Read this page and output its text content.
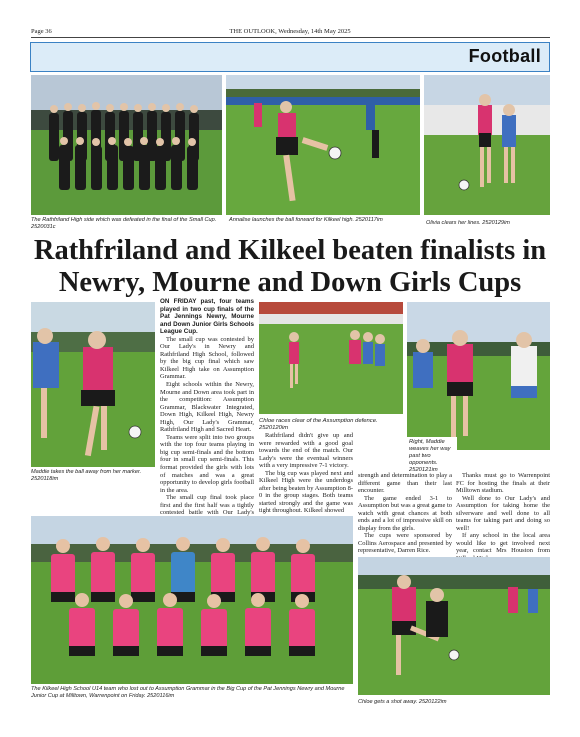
Page 36	THE OUTLOOK, Wednesday, 14th May 2025
Football
The Rathfriland High side which was defeated in the final of the Small Cup. 2520031c
Annalise launches the ball forward for Kilkeel high. 2520117im	Olivia clears her lines. 2520129im
Rathfriland and Kilkeel beaten finalists in Newry, Mourne and Down Girls Cups
Maddie takes the ball away from her marker. 2520118im
Chloe races clear of the Assumption defence. 2520120im
Right, Maddie weaves her way past two opponents. 2520121im

ON FRIDAY past, four teams played in two cup finals of the Pat Jennings Newry, Mourne and Down Junior Girls Schools League Cup.

The small cup was contested by Our Lady's in Newry and Rathfriland High School, followed by the big cup final which saw Kilkeel High take on Assumption Grammar.

Eight schools within the Newry, Mourne and Down area took part in the competition: Assumption Grammar, Blackwater Integrated, Down High, Kilkeel High, Newry High, Our Lady's Grammar, Rathfriland High and Sacred Heart.

Teams were split into two groups with the top four teams playing in big cup semi-finals and the bottom four in small cup semi-finals. This format provided the girls with lots of matches and was a great opportunity to develop girls football in the area.

The small cup final took place first and the first half was a tightly contested battle with Our Lady's

Rathfriland didn't give up and were rewarded with a good goal towards the end of the match. Our Lady's were the eventual winners with a very impressive 7-1 victory.

The big cup was played next and Kilkeel High were the underdogs after being beaten by Assumption 8-0 in the group stages. Both teams started strongly and the game was tight throughout. Kilkeel showed

strength and determination to play a different game than their last encounter.

The game ended 3-1 to Assumption but was a great game to watch with great chances at both ends and a lot of impressive skill on display from the girls.

The cups were sponsored by Collins Aerospace and presented by representative, Darren Rice.

Thanks must go to Warrenpoint FC for hosting the finals at their Milltown stadium.

Well done to Our Lady's and Assumption for taking home the silverware and well done to all teams for taking part and doing so well!

If any school in the local area would like to get involved next year, contact Mrs Houston from

The Kilkeel High School U14 team who lost out to Assumption Grammar in the Big Cup of the Pat Jennings Newry and Mourne Junior Cup at Milltown, Warrenpoint on Friday. 2520116im
Chloe gets a shot away. 2520122im
